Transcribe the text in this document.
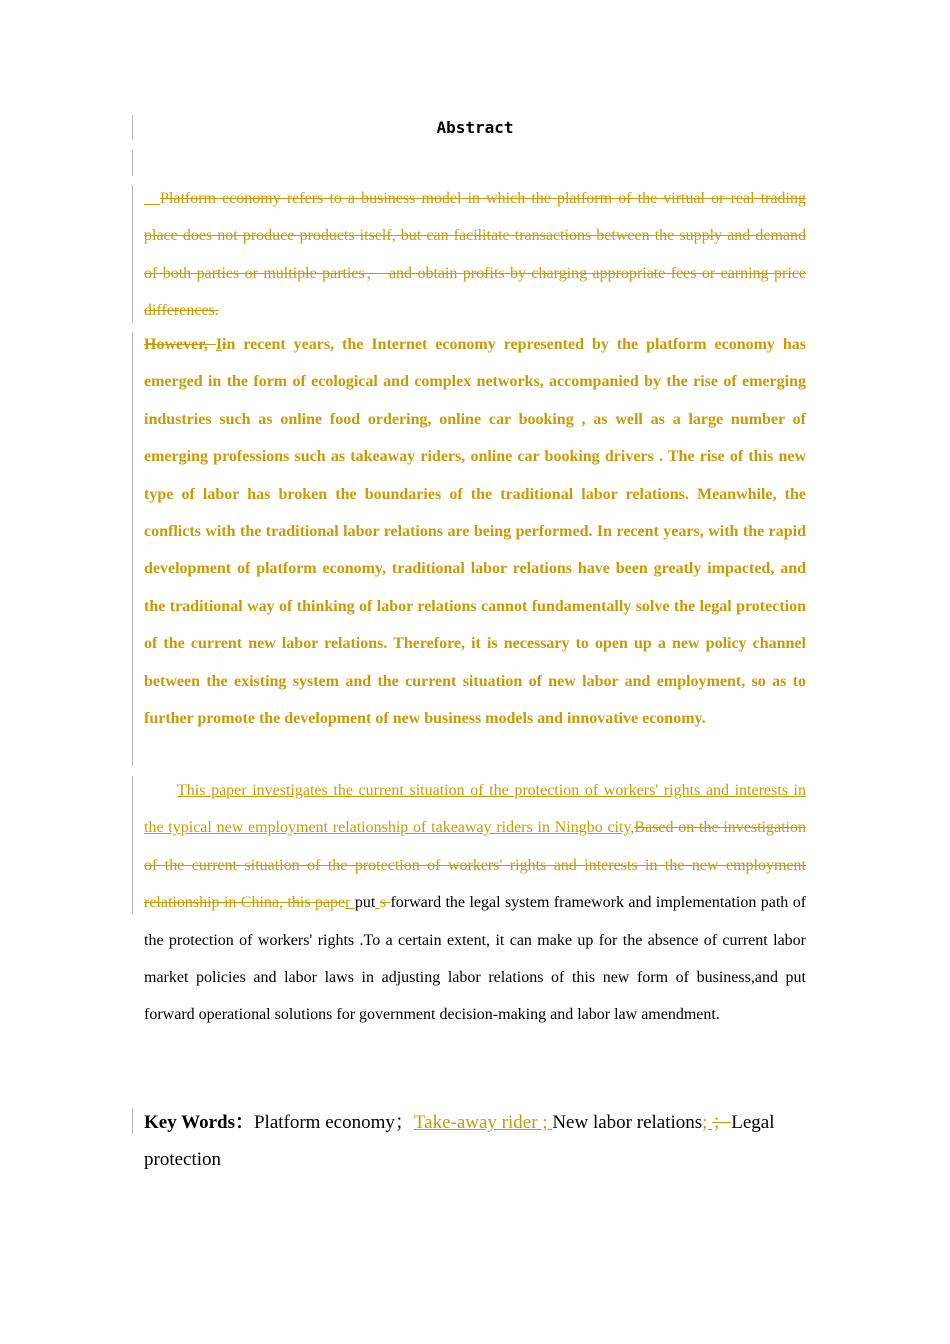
Abstract

__Platform economy refers to a business model in which the platform of the virtual or real trading place does not produce products itself, but can facilitate transactions between the supply and demand of both parties or multiple parties， and obtain profits by charging appropriate fees or earning price differences.

However, Iin recent years, the Internet economy represented by the platform economy has emerged in the form of ecological and complex networks, accompanied by the rise of emerging industries such as online food ordering, online car booking , as well as a large number of emerging professions such as takeaway riders, online car booking drivers . The rise of this new type of labor has broken the boundaries of the traditional labor relations. Meanwhile, the conflicts with the traditional labor relations are being performed. In recent years, with the rapid development of platform economy, traditional labor relations have been greatly impacted, and the traditional way of thinking of labor relations cannot fundamentally solve the legal protection of the current new labor relations. Therefore, it is necessary to open up a new policy channel between the existing system and the current situation of new labor and employment, so as to further promote the development of new business models and innovative economy.

This paper investigates the current situation of the protection of workers' rights and interests in the typical new employment relationship of takeaway riders in Ningbo city,Based on the investigation of the current situation of the protection of workers' rights and interests in the new employment relationship in China, this paper put s forward the legal system framework and implementation path of the protection of workers' rights .To a certain extent, it can make up for the absence of current labor market policies and labor laws in adjusting labor relations of this new form of business,and put forward operational solutions for government decision-making and labor law amendment.

Key Words：Platform economy；Take-away rider ; New labor relations; ；Legal protection
